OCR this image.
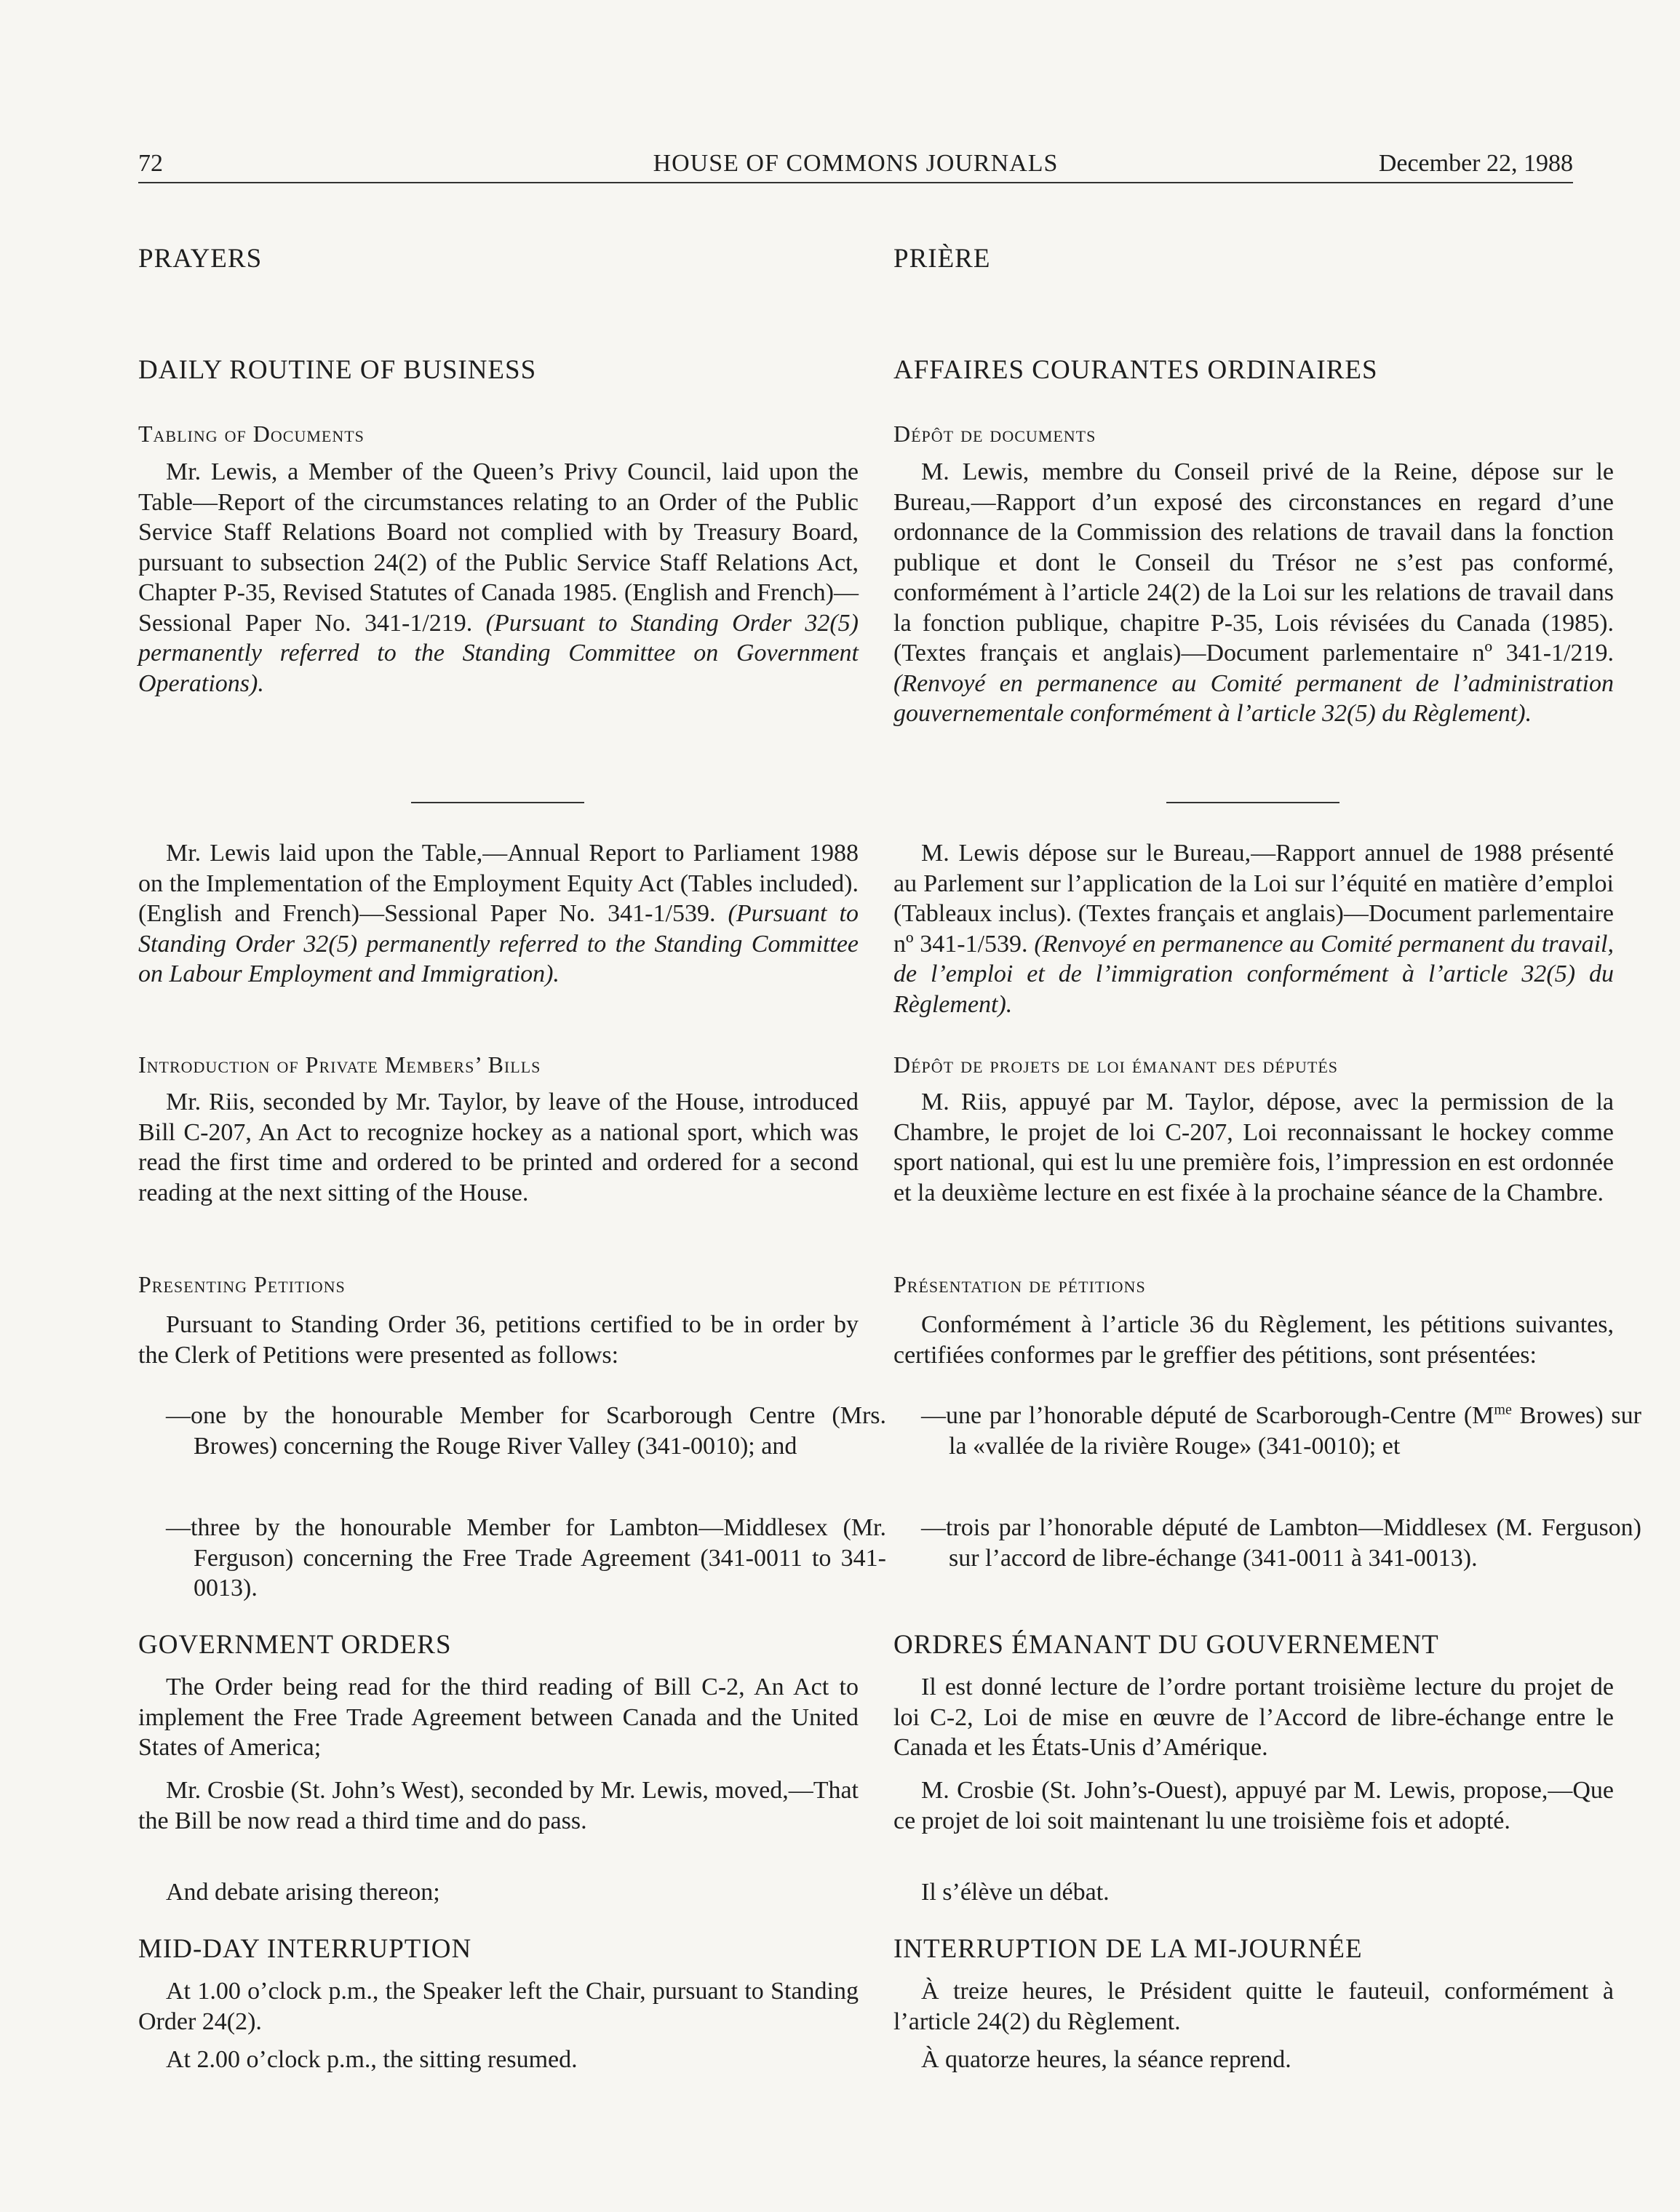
72	HOUSE OF COMMONS JOURNALS	December 22, 1988
PRAYERS
DAILY ROUTINE OF BUSINESS
Tabling of Documents

Mr. Lewis, a Member of the Queen’s Privy Council, laid upon the Table—Report of the circumstances relating to an Order of the Public Service Staff Relations Board not complied with by Treasury Board, pursuant to subsection 24(2) of the Public Service Staff Relations Act, Chapter P-35, Revised Statutes of Canada 1985. (English and French)—Sessional Paper No. 341-1/219. (Pursuant to Standing Order 32(5) permanently referred to the Standing Committee on Government Operations).

Mr. Lewis laid upon the Table,—Annual Report to Parliament 1988 on the Implementation of the Employment Equity Act (Tables included). (English and French)—Sessional Paper No. 341-1/539. (Pursuant to Standing Order 32(5) permanently referred to the Standing Committee on Labour Employment and Immigration).

Introduction of Private Members’ Bills

Mr. Riis, seconded by Mr. Taylor, by leave of the House, introduced Bill C-207, An Act to recognize hockey as a national sport, which was read the first time and ordered to be printed and ordered for a second reading at the next sitting of the House.

Presenting Petitions

Pursuant to Standing Order 36, petitions certified to be in order by the Clerk of Petitions were presented as follows:

—one by the honourable Member for Scarborough Centre (Mrs. Browes) concerning the Rouge River Valley (341-0010); and

—three by the honourable Member for Lambton—Middlesex (Mr. Ferguson) concerning the Free Trade Agreement (341-0011 to 341-0013).

GOVERNMENT ORDERS

The Order being read for the third reading of Bill C-2, An Act to implement the Free Trade Agreement between Canada and the United States of America;

Mr. Crosbie (St. John’s West), seconded by Mr. Lewis, moved,—That the Bill be now read a third time and do pass.

And debate arising thereon;

MID-DAY INTERRUPTION

At 1.00 o’clock p.m., the Speaker left the Chair, pursuant to Standing Order 24(2).

At 2.00 o’clock p.m., the sitting resumed.

PRIÈRE
AFFAIRES COURANTES ORDINAIRES
Dépôt de documents

M. Lewis, membre du Conseil privé de la Reine, dépose sur le Bureau,—Rapport d’un exposé des circonstances en regard d’une ordonnance de la Commission des relations de travail dans la fonction publique et dont le Conseil du Trésor ne s’est pas conformé, conformément à l’article 24(2) de la Loi sur les relations de travail dans la fonction publique, chapitre P-35, Lois révisées du Canada (1985). (Textes français et anglais)—Document parlementaire nº 341-1/219. (Renvoyé en permanence au Comité permanent de l’administration gouvernementale conformément à l’article 32(5) du Règlement).

M. Lewis dépose sur le Bureau,—Rapport annuel de 1988 présenté au Parlement sur l’application de la Loi sur l’équité en matière d’emploi (Tableaux inclus). (Textes français et anglais)—Document parlementaire nº 341-1/539. (Renvoyé en permanence au Comité permanent du travail, de l’emploi et de l’immigration conformément à l’article 32(5) du Règlement).

Dépôt de projets de loi émanant des députés

M. Riis, appuyé par M. Taylor, dépose, avec la permission de la Chambre, le projet de loi C-207, Loi reconnaissant le hockey comme sport national, qui est lu une première fois, l’impression en est ordonnée et la deuxième lecture en est fixée à la prochaine séance de la Chambre.

Présentation de pétitions

Conformément à l’article 36 du Règlement, les pétitions suivantes, certifiées conformes par le greffier des pétitions, sont présentées:

—une par l’honorable député de Scarborough-Centre ($M^{me}$ Browes) sur la «vallée de la rivière Rouge» (341-0010); et

—trois par l’honorable député de Lambton—Middlesex (M. Ferguson) sur l’accord de libre-échange (341-0011 à 341-0013).

ORDRES ÉMANANT DU GOUVERNEMENT

Il est donné lecture de l’ordre portant troisième lecture du projet de loi C-2, Loi de mise en œuvre de l’Accord de libre-échange entre le Canada et les États-Unis d’Amérique.

M. Crosbie (St. John’s-Ouest), appuyé par M. Lewis, propose,—Que ce projet de loi soit maintenant lu une troisième fois et adopté.

Il s’élève un débat.

INTERRUPTION DE LA MI-JOURNÉE

À treize heures, le Président quitte le fauteuil, conformément à l’article 24(2) du Règlement.

À quatorze heures, la séance reprend.
